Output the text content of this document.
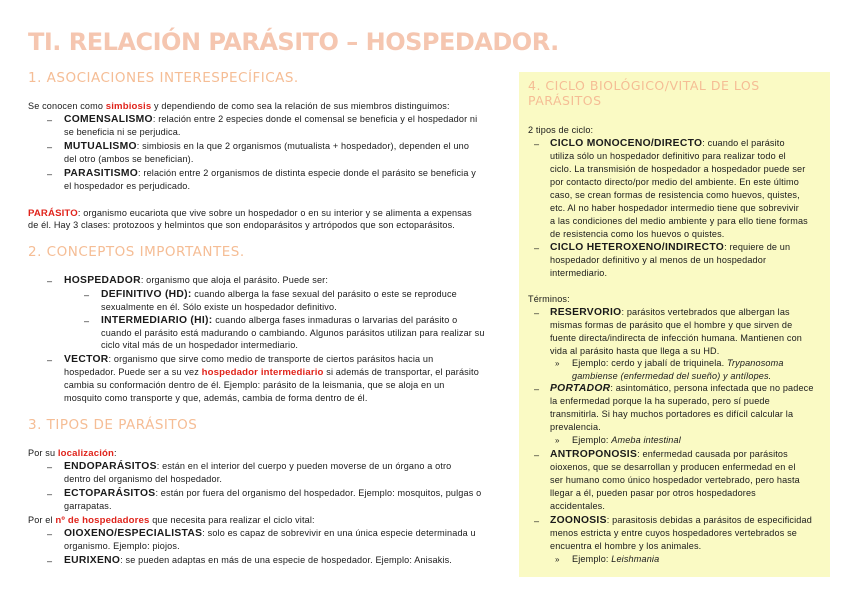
TI. RELACIÓN PARÁSITO – HOSPEDADOR.
1. ASOCIACIONES INTERESPECÍFICAS.
Se conocen como simbiosis y dependiendo de como sea la relación de sus miembros distinguimos:
– COMENSALISMO: relación entre 2 especies donde el comensal se beneficia y el hospedador ni
se beneficia ni se perjudica.
– MUTUALISMO: simbiosis en la que 2 organismos (mutualista + hospedador), dependen el uno
del otro (ambos se benefician).
– PARASITISMO: relación entre 2 organismos de distinta especie donde el parásito se beneficia y
el hospedador es perjudicado.
PARÁSITO: organismo eucariota que vive sobre un hospedador o en su interior y se alimenta a expensas
de él. Hay 3 clases: protozoos y helmintos que son endoparásitos y artrópodos que son ectoparásitos.
2. CONCEPTOS IMPORTANTES.
– HOSPEDADOR: organismo que aloja el parásito. Puede ser:
– DEFINITIVO (HD): cuando alberga la fase sexual del parásito o este se reproduce
sexualmente en él. Sólo existe un hospedador definitivo.
– INTERMEDIARIO (HI): cuando alberga fases inmaduras o larvarias del parásito o
cuando el parásito está madurando o cambiando. Algunos parásitos utilizan para realizar su
ciclo vital más de un hospedador intermediario.
– VECTOR: organismo que sirve como medio de transporte de ciertos parásitos hacia un
hospedador. Puede ser a su vez hospedador intermediario si además de transportar, el parásito
cambia su conformación dentro de él. Ejemplo: parásito de la leismania, que se aloja en un
mosquito como transporte y que, además, cambia de forma dentro de él.
3. TIPOS DE PARÁSITOS
Por su localización:
– ENDOPARÁSITOS: están en el interior del cuerpo y pueden moverse de un órgano a otro
dentro del organismo del hospedador.
– ECTOPARÁSITOS: están por fuera del organismo del hospedador. Ejemplo: mosquitos, pulgas o
garrapatas.
Por el nº de hospedadores que necesita para realizar el ciclo vital:
– OIOXENO/ESPECIALISTAS: solo es capaz de sobrevivir en una única especie determinada u
organismo. Ejemplo: piojos.
– EURIXENO: se pueden adaptas en más de una especie de hospedador. Ejemplo: Anisakis.
4. CICLO BIOLÓGICO/VITAL DE LOS PARÁSITOS
2 tipos de ciclo:
– CICLO MONOCENO/DIRECTO: cuando el parásito
utiliza sólo un hospedador definitivo para realizar todo el
ciclo. La transmisión de hospedador a hospedador puede ser
por contacto directo/por medio del ambiente. En este último
caso, se crean formas de resistencia como huevos, quistes,
etc. Al no haber hospedador intermedio tiene que sobrevivir
a las condiciones del medio ambiente y para ello tiene formas
de resistencia como los huevos o quistes.
– CICLO HETEROXENO/INDIRECTO: requiere de un
hospedador definitivo y al menos de un hospedador
intermediario.
Términos:
– RESERVORIO: parásitos vertebrados que albergan las
mismas formas de parásito que el hombre y que sirven de
fuente directa/indirecta de infección humana. Mantienen con
vida al parásito hasta que llega a su HD.
» Ejemplo: cerdo y jabalí de triquinela. Trypanosoma
gambiense (enfermedad del sueño) y antílopes.
– PORTADOR: asintomático, persona infectada que no padece
la enfermedad porque la ha superado, pero sí puede
transmitirla. Si hay muchos portadores es difícil calcular la
prevalencia.
» Ejemplo: Ameba intestinal
– ANTROPONOSIS: enfermedad causada por parásitos
oioxenos, que se desarrollan y producen enfermedad en el
ser humano como único hospedador vertebrado, pero hasta
llegar a él, pueden pasar por otros hospedadores
accidentales.
– ZOONOSIS: parasitosis debidas a parásitos de especificidad
menos estricta y entre cuyos hospedadores vertebrados se
encuentra el hombre y los animales.
» Ejemplo: Leishmania
